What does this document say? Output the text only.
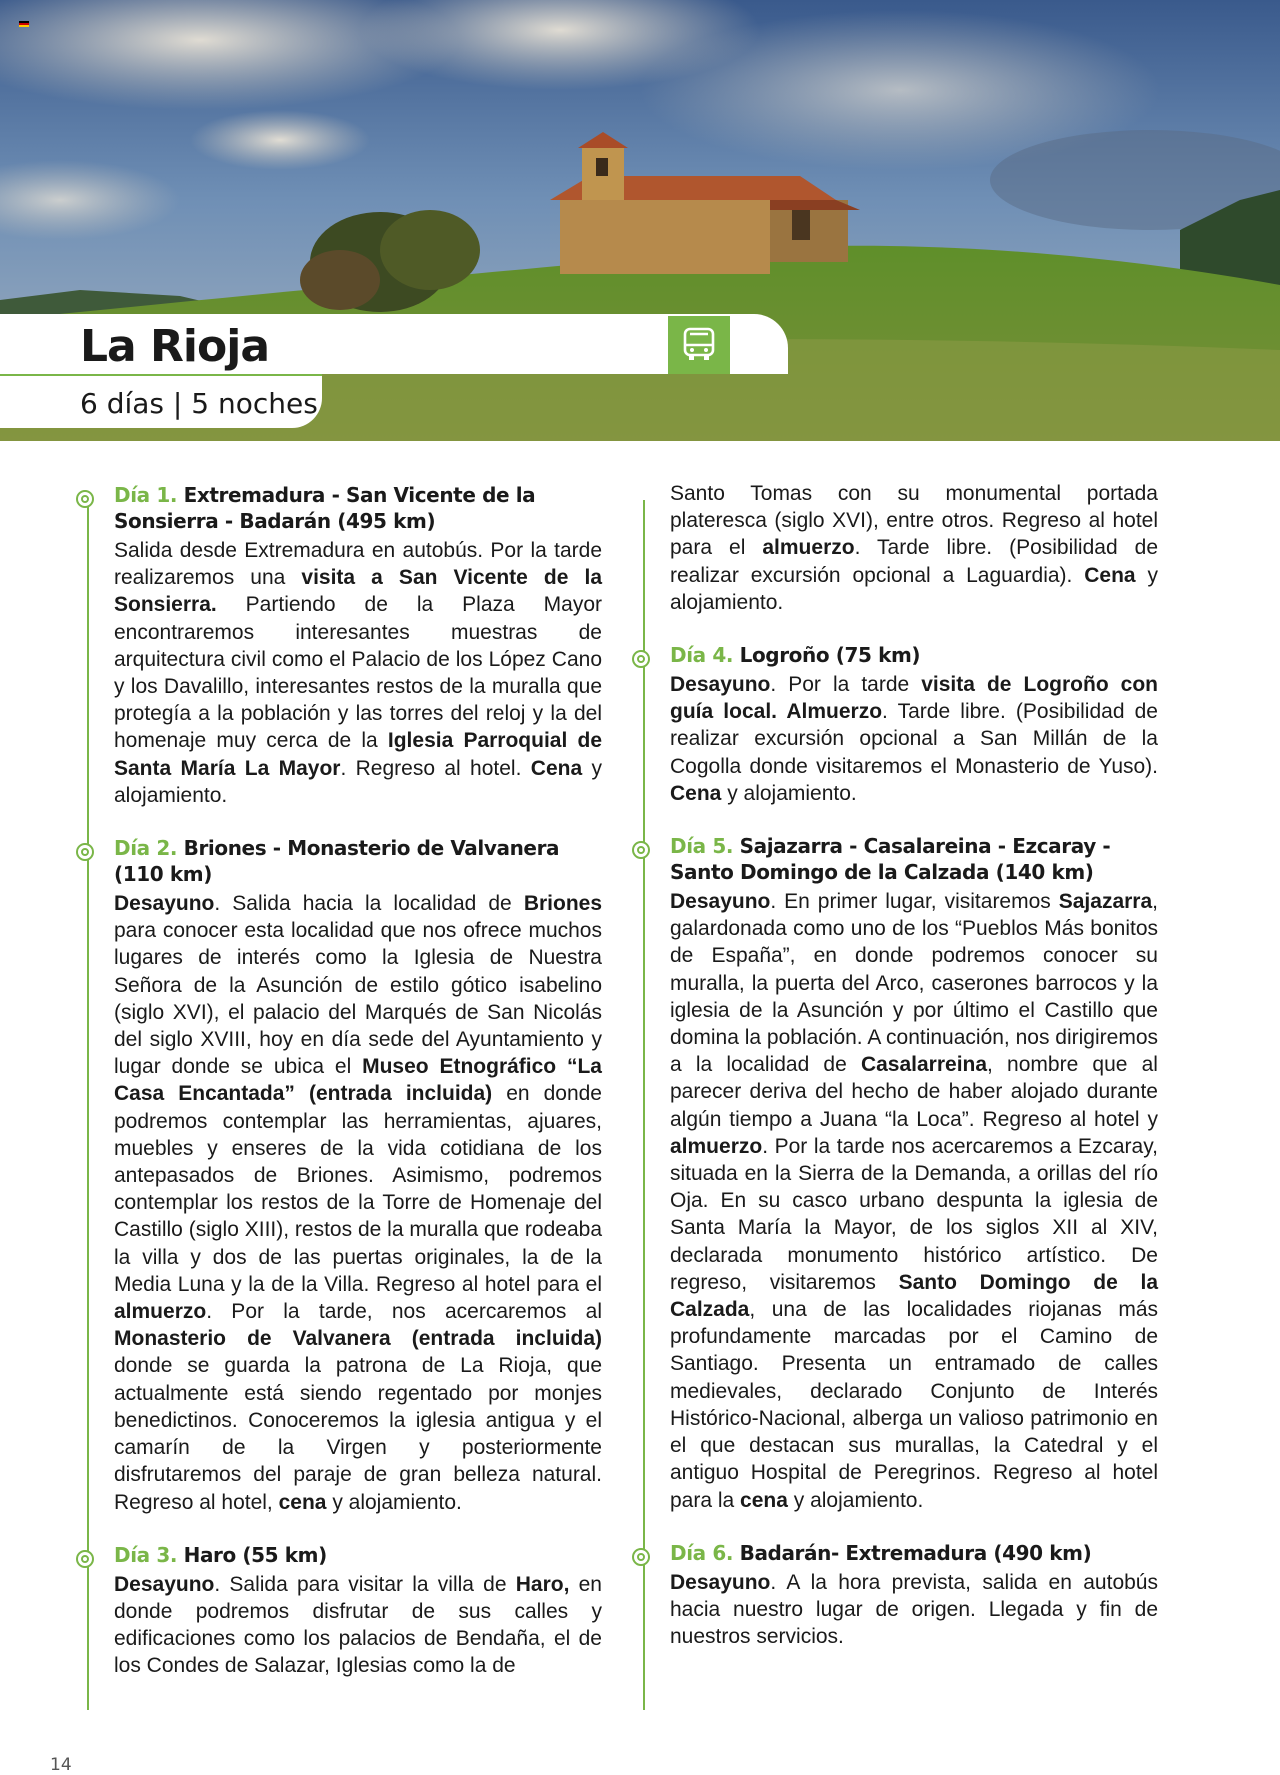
La Rioja

6 días | 5 noches

Día 1. Extremadura - San Vicente de la Sonsierra - Badarán (495 km)

Salida desde Extremadura en autobús. Por la tarde realizaremos una visita a San Vicente de la Sonsierra. Partiendo de la Plaza Mayor encontraremos interesantes muestras de arquitectura civil como el Palacio de los López Cano y los Davalillo, interesantes restos de la muralla que protegía a la población y las torres del reloj y la del homenaje muy cerca de la Iglesia Parroquial de Santa María La Mayor. Regreso al hotel. Cena y alojamiento.

Día 2. Briones - Monasterio de Valvanera (110 km)

Desayuno. Salida hacia la localidad de Briones para conocer esta localidad que nos ofrece muchos lugares de interés como la Iglesia de Nuestra Señora de la Asunción de estilo gótico isabelino (siglo XVI), el palacio del Marqués de San Nicolás del siglo XVIII, hoy en día sede del Ayuntamiento y lugar donde se ubica el Museo Etnográfico “La Casa Encantada” (entrada incluida) en donde podremos contemplar las herramientas, ajuares, muebles y enseres de la vida cotidiana de los antepasados de Briones. Asimismo, podremos contemplar los restos de la Torre de Homenaje del Castillo (siglo XIII), restos de la muralla que rodeaba la villa y dos de las puertas originales, la de la Media Luna y la de la Villa. Regreso al hotel para el almuerzo. Por la tarde, nos acercaremos al Monasterio de Valvanera (entrada incluida) donde se guarda la patrona de La Rioja, que actualmente está siendo regentado por monjes benedictinos. Conoceremos la iglesia antigua y el camarín de la Virgen y posteriormente disfrutaremos del paraje de gran belleza natural. Regreso al hotel, cena y alojamiento.

Día 3. Haro (55 km)

Desayuno. Salida para visitar la villa de Haro, en donde podremos disfrutar de sus calles y edificaciones como los palacios de Bendaña, el de los Condes de Salazar, Iglesias como la de

Santo Tomas con su monumental portada plateresca (siglo XVI), entre otros. Regreso al hotel para el almuerzo. Tarde libre. (Posibilidad de realizar excursión opcional a Laguardia). Cena y alojamiento.

Día 4. Logroño (75 km)

Desayuno. Por la tarde visita de Logroño con guía local. Almuerzo. Tarde libre. (Posibilidad de realizar excursión opcional a San Millán de la Cogolla donde visitaremos el Monasterio de Yuso). Cena y alojamiento.

Día 5. Sajazarra - Casalareina - Ezcaray - Santo Domingo de la Calzada (140 km)

Desayuno. En primer lugar, visitaremos Sajazarra, galardonada como uno de los “Pueblos Más bonitos de España”, en donde podremos conocer su muralla, la puerta del Arco, caserones barrocos y la iglesia de la Asunción y por último el Castillo que domina la población. A continuación, nos dirigiremos a la localidad de Casalarreina, nombre que al parecer deriva del hecho de haber alojado durante algún tiempo a Juana “la Loca”. Regreso al hotel y almuerzo. Por la tarde nos acercaremos a Ezcaray, situada en la Sierra de la Demanda, a orillas del río Oja. En su casco urbano despunta la iglesia de Santa María la Mayor, de los siglos XII al XIV, declarada monumento histórico artístico. De regreso, visitaremos Santo Domingo de la Calzada, una de las localidades riojanas más profundamente marcadas por el Camino de Santiago. Presenta un entramado de calles medievales, declarado Conjunto de Interés Histórico-Nacional, alberga un valioso patrimonio en el que destacan sus murallas, la Catedral y el antiguo Hospital de Peregrinos. Regreso al hotel para la cena y alojamiento.

Día 6. Badarán- Extremadura (490 km)

Desayuno. A la hora prevista, salida en autobús hacia nuestro lugar de origen. Llegada y fin de nuestros servicios.

14
